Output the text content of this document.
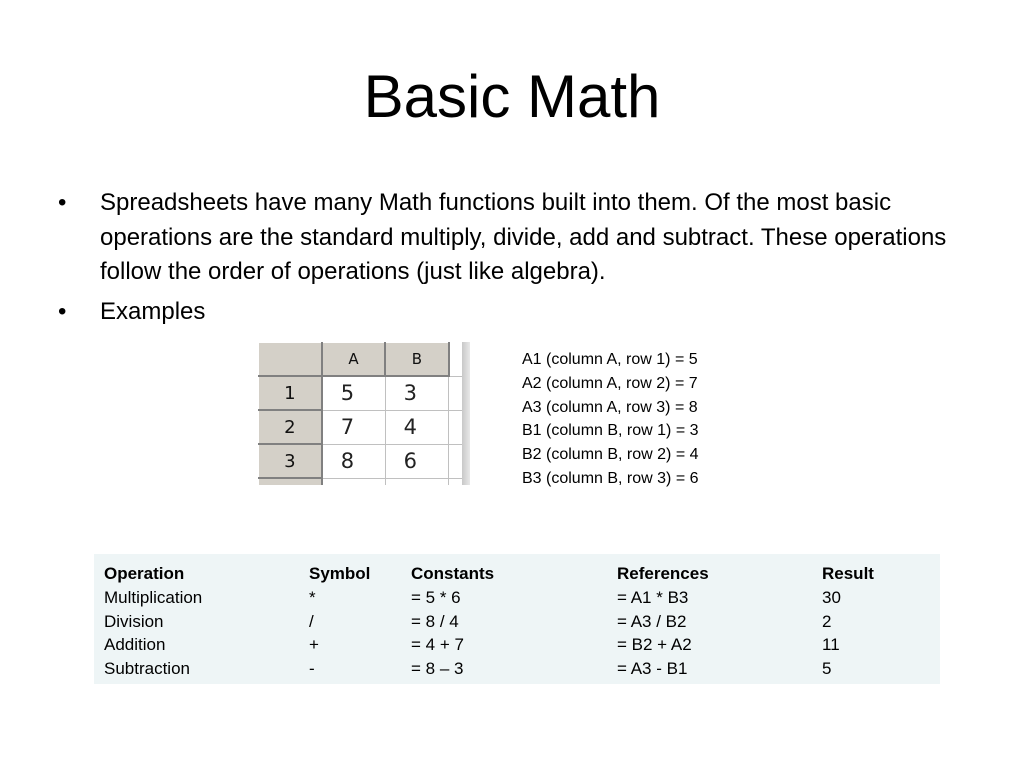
Basic Math
• Spreadsheets have many Math functions built into them. Of the most basic operations are the standard multiply, divide, add and subtract. These operations follow the order of operations (just like algebra).
• Examples
	A	B	
1	5	3	
2	7	4	
3	8	6	

A1 (column A, row 1) = 5
A2 (column A, row 2) = 7
A3 (column A, row 3) = 8
B1 (column B, row 1) = 3
B2 (column B, row 2) = 4
B3 (column B, row 3) = 6
Operation	Symbol	Constants	References	Result
Multiplication	*	= 5 * 6	= A1 * B3	30
Division	/	= 8 / 4	= A3 / B2	2
Addition	+	= 4 + 7	= B2 + A2	11
Subtraction	-	= 8 – 3	= A3 - B1	5
